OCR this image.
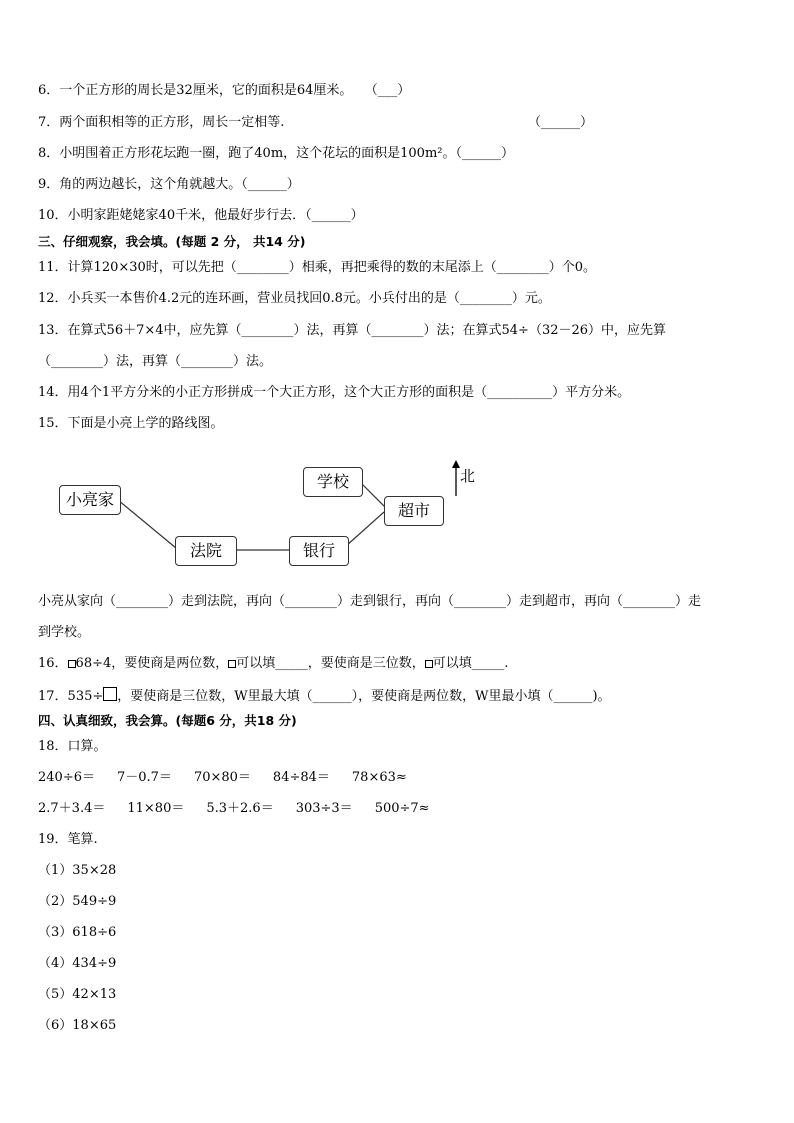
6．一个正方形的周长是32厘米，它的面积是64厘米。 （___）
7．两个面积相等的正方形，周长一定相等.	（______）
8．小明围着正方形花坛跑一圈，跑了40m，这个花坛的面积是100m²。（______）
9．角的两边越长，这个角就越大。（______）
10．小明家距姥姥家40千米，他最好步行去．（______）
三、仔细观察，我会填。(每题 2 分， 共14 分)
11．计算120×30时，可以先把（________）相乘，再把乘得的数的末尾添上（________）个0。
12．小兵买一本售价4.2元的连环画，营业员找回0.8元。小兵付出的是（________）元。
13．在算式56＋7×4中，应先算（________）法，再算（________）法；在算式54÷（32－26）中，应先算
（________）法，再算（________）法。
14．用4个1平方分米的小正方形拼成一个大正方形，这个大正方形的面积是（__________）平方分米。
15．下面是小亮上学的路线图。
小亮家
法院	银行
超市
学校	北
小亮从家向（________）走到法院，再向（________）走到银行，再向（________）走到超市，再向（________）走
到学校。
16． 68÷4，要使商是两位数， 可以填_____，要使商是三位数， 可以填_____.
17．535÷ ，要使商是三位数，W里最大填（______），要使商是两位数，W里最小填（______)。
四、认真细致，我会算。(每题6 分，共18 分)
18．口算。
240÷6＝ 7－0.7＝ 70×80＝ 84÷84＝ 78×63≈
2.7＋3.4＝ 11×80＝ 5.3＋2.6＝ 303÷3＝ 500÷7≈
19．笔算.
（1）35×28
（2）549÷9
（3）618÷6
（4）434÷9
（5）42×13
（6）18×65
